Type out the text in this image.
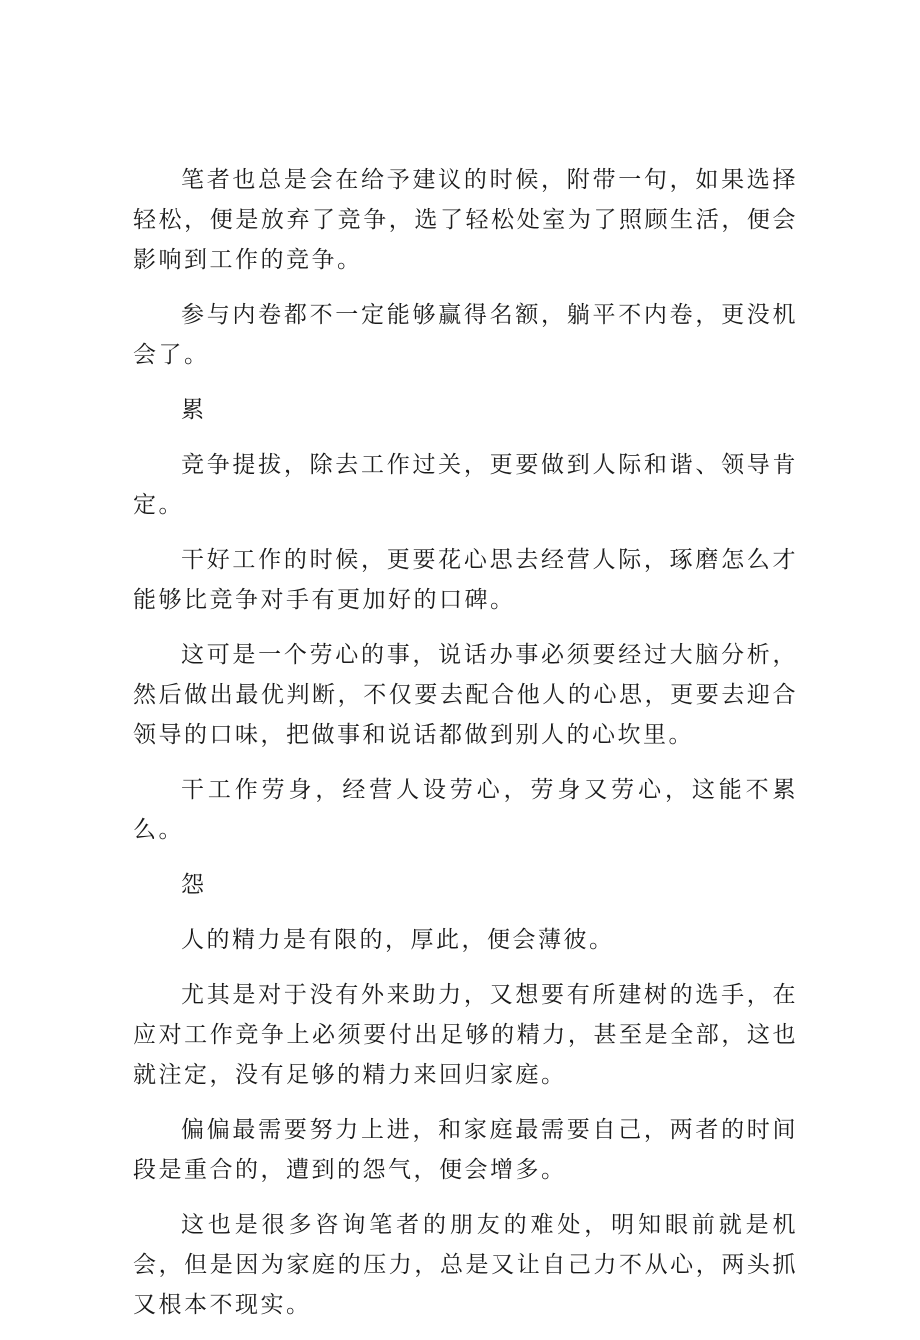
笔者也总是会在给予建议的时候，附带一句，如果选择轻松，便是放弃了竞争，选了轻松处室为了照顾生活，便会影响到工作的竞争。

参与内卷都不一定能够赢得名额，躺平不内卷，更没机会了。

累

竞争提拔，除去工作过关，更要做到人际和谐、领导肯定。

干好工作的时候，更要花心思去经营人际，琢磨怎么才能够比竞争对手有更加好的口碑。

这可是一个劳心的事，说话办事必须要经过大脑分析，然后做出最优判断，不仅要去配合他人的心思，更要去迎合领导的口味，把做事和说话都做到别人的心坎里。

干工作劳身，经营人设劳心，劳身又劳心，这能不累么。

怨

人的精力是有限的，厚此，便会薄彼。

尤其是对于没有外来助力，又想要有所建树的选手，在应对工作竞争上必须要付出足够的精力，甚至是全部，这也就注定，没有足够的精力来回归家庭。

偏偏最需要努力上进，和家庭最需要自己，两者的时间段是重合的，遭到的怨气，便会增多。

这也是很多咨询笔者的朋友的难处，明知眼前就是机会，但是因为家庭的压力，总是又让自己力不从心，两头抓又根本不现实。
